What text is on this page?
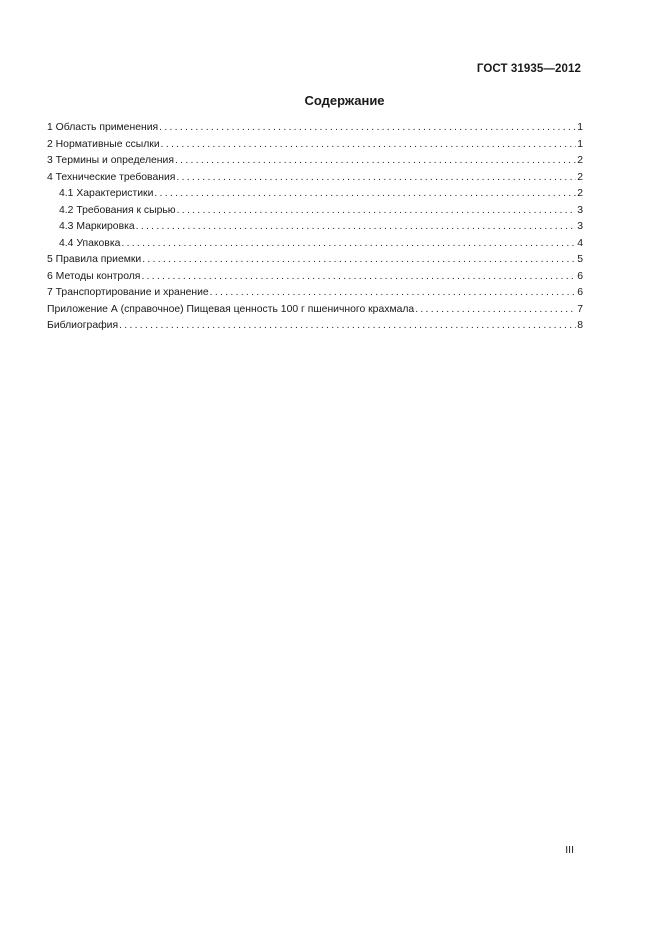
ГОСТ 31935—2012
Содержание
1 Область применения . . .	1
2 Нормативные ссылки . . .	1
3 Термины и определения . . .	2
4 Технические требования . . .	2
4.1 Характеристики . . .	2
4.2 Требования к сырью . . .	3
4.3 Маркировка . . .	3
4.4 Упаковка . . .	4
5 Правила приемки . . .	5
6 Методы контроля . . .	6
7 Транспортирование и хранение . . .	6
Приложение А (справочное) Пищевая ценность 100 г пшеничного крахмала . . .	7
Библиография . . .	8
III
